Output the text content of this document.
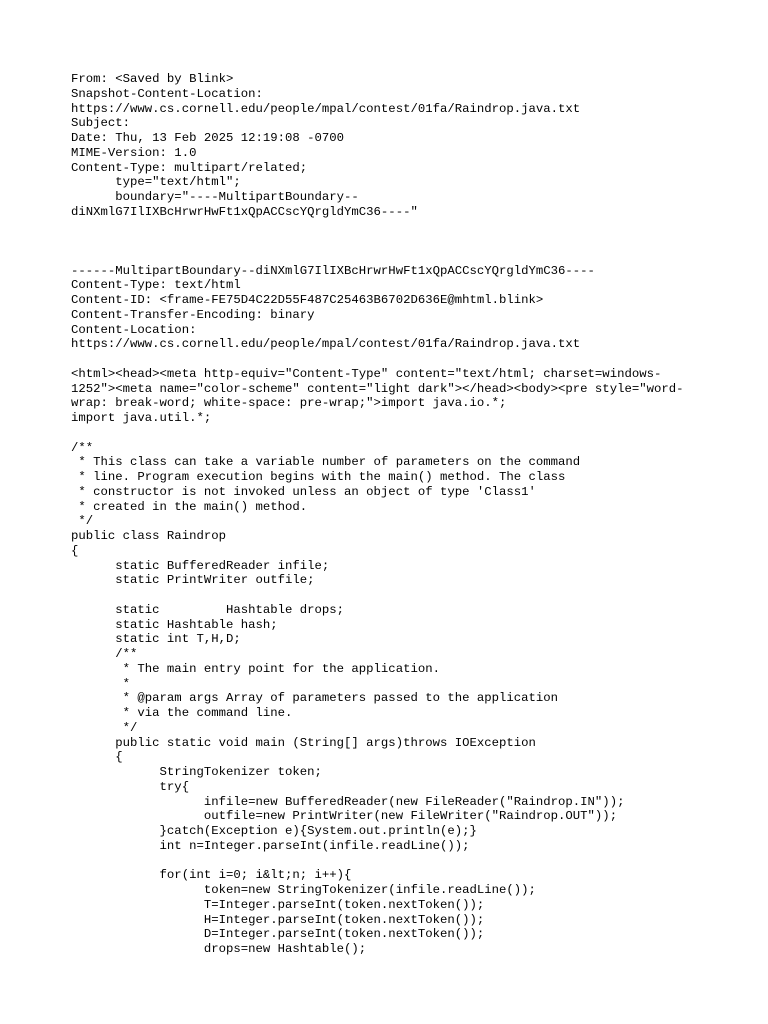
From: <Saved by Blink>
Snapshot-Content-Location:
https://www.cs.cornell.edu/people/mpal/contest/01fa/Raindrop.java.txt
Subject:
Date: Thu, 13 Feb 2025 12:19:08 -0700
MIME-Version: 1.0
Content-Type: multipart/related;
type="text/html";
boundary="----MultipartBoundary--
diNXmlG7IlIXBcHrwrHwFt1xQpACCscYQrgldYmC36----"
------MultipartBoundary--diNXmlG7IlIXBcHrwrHwFt1xQpACCscYQrgldYmC36----
Content-Type: text/html
Content-ID: <frame-FE75D4C22D55F487C25463B6702D636E@mhtml.blink>
Content-Transfer-Encoding: binary
Content-Location:
https://www.cs.cornell.edu/people/mpal/contest/01fa/Raindrop.java.txt
<html><head><meta http-equiv="Content-Type" content="text/html; charset=windows-
1252"><meta name="color-scheme" content="light dark"></head><body><pre style="word-
wrap: break-word; white-space: pre-wrap;">import java.io.*;
import java.util.*;
/**
* This class can take a variable number of parameters on the command
* line. Program execution begins with the main() method. The class
* constructor is not invoked unless an object of type 'Class1'
* created in the main() method.
*/
public class Raindrop
{
static BufferedReader infile;
static PrintWriter outfile;

static         Hashtable drops;
static Hashtable hash;
static int T,H,D;
/**
* The main entry point for the application.
*
* @param args Array of parameters passed to the application
* via the command line.
*/
public static void main (String[] args)throws IOException
{
StringTokenizer token;
try{
infile=new BufferedReader(new FileReader("Raindrop.IN"));
outfile=new PrintWriter(new FileWriter("Raindrop.OUT"));
}catch(Exception e){System.out.println(e);}
int n=Integer.parseInt(infile.readLine());

for(int i=0; i&lt;n; i++){
token=new StringTokenizer(infile.readLine());
T=Integer.parseInt(token.nextToken());
H=Integer.parseInt(token.nextToken());
D=Integer.parseInt(token.nextToken());
drops=new Hashtable();
